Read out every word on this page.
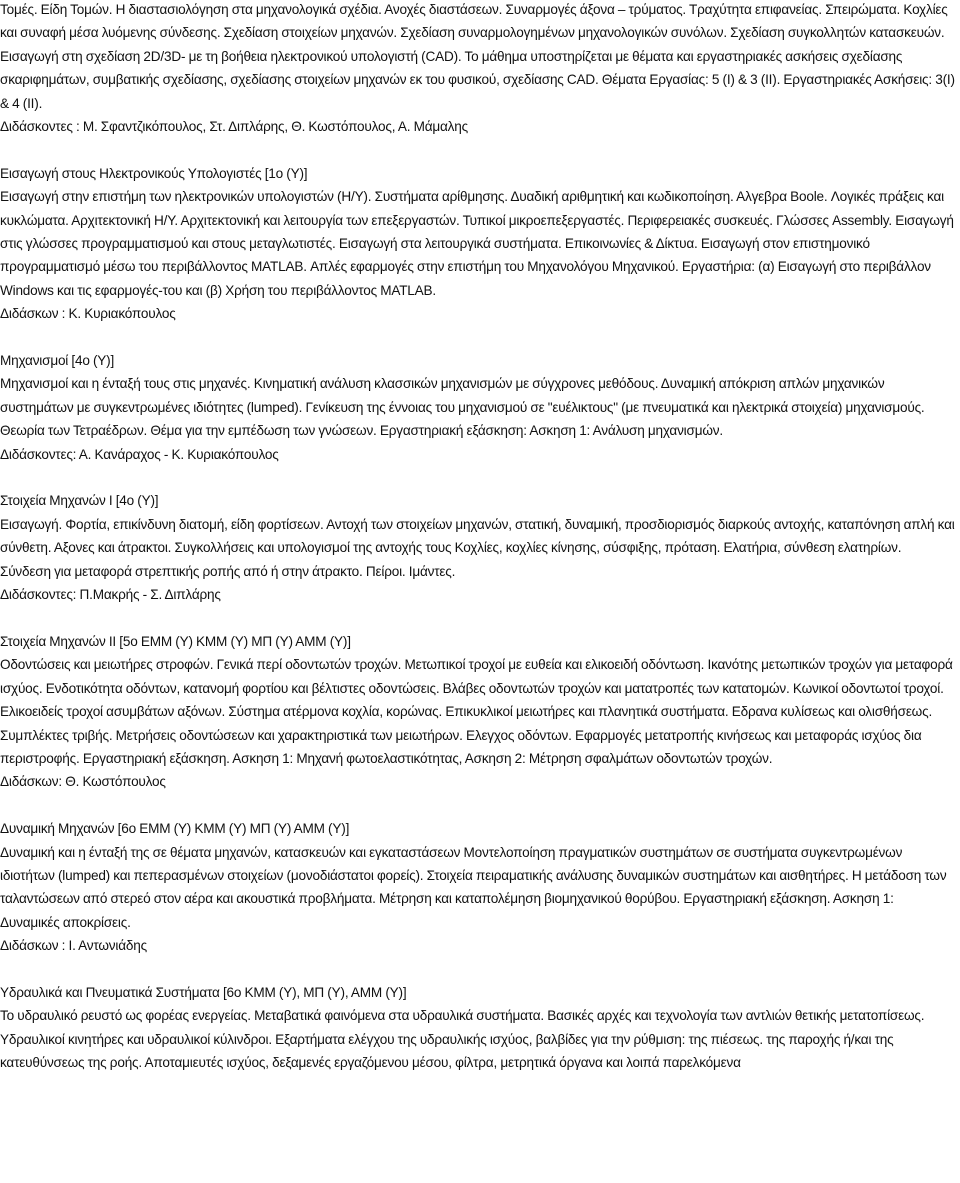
Τομές. Είδη Τομών. Η διαστασιολόγηση στα μηχανολογικά σχέδια. Ανοχές διαστάσεων. Συναρμογές άξονα – τρύματος. Τραχύτητα επιφανείας. Σπειρώματα. Κοχλίες και συναφή μέσα λυόμενης σύνδεσης. Σχεδίαση στοιχείων μηχανών. Σχεδίαση συναρμολογημένων μηχανολογικών συνόλων. Σχεδίαση συγκολλητών κατασκευών. Εισαγωγή στη σχεδίαση 2D/3D- με τη βοήθεια ηλεκτρονικού υπολογιστή (CAD). Το μάθημα υποστηρίζεται με θέματα και εργαστηριακές ασκήσεις σχεδίασης σκαριφημάτων, συμβατικής σχεδίασης, σχεδίασης στοιχείων μηχανών εκ του φυσικού, σχεδίασης CAD. Θέματα Εργασίας: 5 (Ι) & 3 (ΙΙ). Εργαστηριακές Ασκήσεις: 3(Ι) & 4 (ΙΙ).

Διδάσκοντες : Μ. Σφαντζικόπουλος, Στ. Διπλάρης, Θ. Κωστόπουλος, Α. Μάμαλης

Εισαγωγή στους Ηλεκτρονικούς Υπολογιστές [1ο (Υ)]

Εισαγωγή στην επιστήμη των ηλεκτρονικών υπολογιστών (Η/Υ). Συστήματα αρίθμησης. Δυαδική αριθμητική και κωδικοποίηση. Αλγεβρα Boole. Λογικές πράξεις και κυκλώματα. Αρχιτεκτονική Η/Υ. Αρχιτεκτονική και λειτουργία των επεξεργαστών. Τυπικοί μικροεπεξεργαστές. Περιφερειακές συσκευές. Γλώσσες Assembly. Εισαγωγή στις γλώσσες προγραμματισμού και στους μεταγλωτιστές. Εισαγωγή στα λειτουργικά συστήματα. Επικοινωνίες & Δίκτυα. Εισαγωγή στον επιστημονικό προγραμματισμό μέσω του περιβάλλοντος MATLAB. Απλές εφαρμογές στην επιστήμη του Μηχανολόγου Μηχανικού. Εργαστήρια: (α) Εισαγωγή στο περιβάλλον Windows και τις εφαρμογές-του και (β) Χρήση του περιβάλλοντος MATLAB.

Διδάσκων : Κ. Κυριακόπουλος

Μηχανισμοί [4ο (Υ)]

Μηχανισμοί και η ένταξή τους στις μηχανές. Κινηματική ανάλυση κλασσικών μηχανισμών με σύγχρονες μεθόδους. Δυναμική απόκριση απλών μηχανικών συστημάτων με συγκεντρωμένες ιδιότητες (lumped). Γενίκευση της έννοιας του μηχανισμού σε "ευέλικτους" (με πνευματικά και ηλεκτρικά στοιχεία) μηχανισμούς. Θεωρία των Τετραέδρων. Θέμα για την εμπέδωση των γνώσεων. Εργαστηριακή εξάσκηση: Ασκηση 1: Ανάλυση μηχανισμών.

Διδάσκοντες: Α. Κανάραχος - Κ. Κυριακόπουλος

Στοιχεία Μηχανών Ι [4ο (Υ)]

Εισαγωγή. Φορτία, επικίνδυνη διατομή, είδη φορτίσεων. Αντοχή των στοιχείων μηχανών, στατική, δυναμική, προσδιορισμός διαρκούς αντοχής, καταπόνηση απλή και σύνθετη. Αξονες και άτρακτοι. Συγκολλήσεις και υπολογισμοί της αντοχής τους Κοχλίες, κοχλίες κίνησης, σύσφιξης, πρόταση. Ελατήρια, σύνθεση ελατηρίων. Σύνδεση για μεταφορά στρεπτικής ροπής από ή στην άτρακτο. Πείροι. Ιμάντες.

Διδάσκοντες: Π.Μακρής - Σ. Διπλάρης

Στοιχεία Μηχανών ΙΙ [5ο ΕΜΜ (Υ) ΚΜΜ (Υ) ΜΠ (Υ) ΑΜΜ (Υ)]

Οδοντώσεις και μειωτήρες στροφών. Γενικά περί οδοντωτών τροχών. Μετωπικοί τροχοί με ευθεία και ελικοειδή οδόντωση. Ικανότης μετωπικών τροχών για μεταφορά ισχύος. Ενδοτικότητα οδόντων, κατανομή φορτίου και βέλτιστες οδοντώσεις. Βλάβες οδοντωτών τροχών και ματατροπές των κατατομών. Κωνικοί οδοντωτοί τροχοί. Ελικοειδείς τροχοί ασυμβάτων αξόνων. Σύστημα ατέρμονα κοχλία, κορώνας. Επικυκλικοί μειωτήρες και πλανητικά συστήματα. Εδρανα κυλίσεως και ολισθήσεως. Συμπλέκτες τριβής. Μετρήσεις οδοντώσεων και χαρακτηριστικά των μειωτήρων. Ελεγχος οδόντων. Εφαρμογές μετατροπής κινήσεως και μεταφοράς ισχύος δια περιστροφής. Εργαστηριακή εξάσκηση. Ασκηση 1: Μηχανή φωτοελαστικότητας, Ασκηση 2: Μέτρηση σφαλμάτων οδοντωτών τροχών.

Διδάσκων: Θ. Κωστόπουλος

Δυναμική Μηχανών [6ο ΕΜΜ (Υ) ΚΜΜ (Υ) ΜΠ (Υ) ΑΜΜ (Υ)]

Δυναμική και η ένταξή της σε θέματα μηχανών, κατασκευών και εγκαταστάσεων Μοντελοποίηση πραγματικών συστημάτων σε συστήματα συγκεντρωμένων ιδιοτήτων (lumped) και πεπερασμένων στοιχείων (μονοδιάστατοι φορείς). Στοιχεία πειραματικής ανάλυσης δυναμικών συστημάτων και αισθητήρες. Η μετάδοση των ταλαντώσεων από στερεό στον αέρα και ακουστικά προβλήματα. Μέτρηση και καταπολέμηση βιομηχανικού θορύβου. Εργαστηριακή εξάσκηση. Ασκηση 1: Δυναμικές αποκρίσεις.

Διδάσκων : Ι. Αντωνιάδης

Υδραυλικά και Πνευματικά Συστήματα [6ο ΚΜΜ (Υ), ΜΠ (Υ), ΑΜΜ (Υ)]

Το υδραυλικό ρευστό ως φορέας ενεργείας. Μεταβατικά φαινόμενα στα υδραυλικά συστήματα. Βασικές αρχές και τεχνολογία των αντλιών θετικής μετατοπίσεως. Υδραυλικοί κινητήρες και υδραυλικοί κύλινδροι. Εξαρτήματα ελέγχου της υδραυλικής ισχύος, βαλβίδες για την ρύθμιση: της πιέσεως. της παροχής ή/και της κατευθύνσεως της ροής. Αποταμιευτές ισχύος, δεξαμενές εργαζόμενου μέσου, φίλτρα, μετρητικά όργανα και λοιπά παρελκόμενα
